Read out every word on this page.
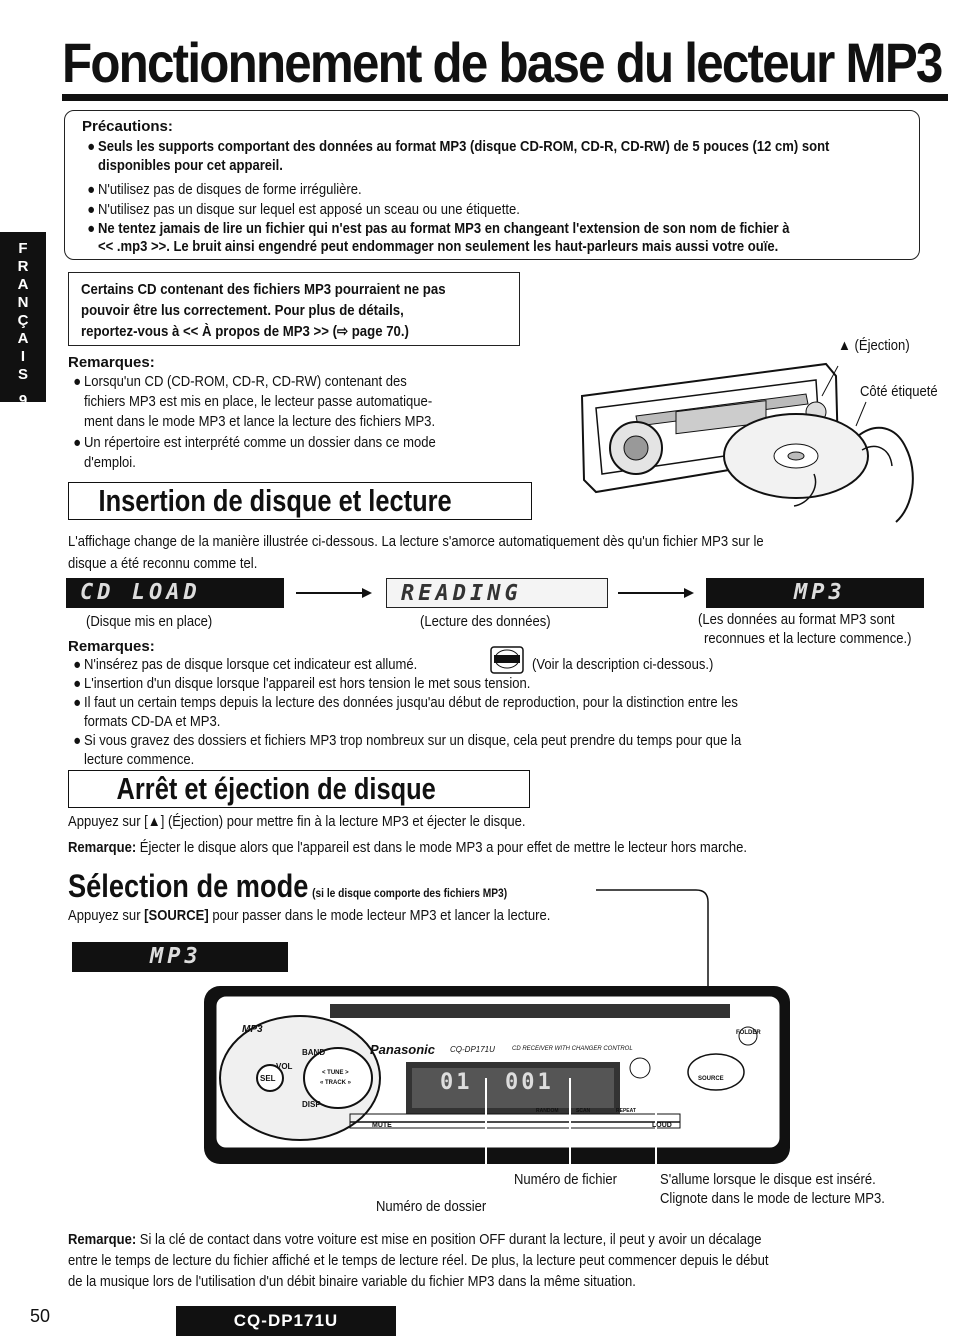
Fonctionnement de base du lecteur MP3
F
R
A
N
Ç
A
I
S
9
Précautions:
● Seuls les supports comportant des données au format MP3 (disque CD-ROM, CD-R, CD-RW) de 5 pouces (12 cm) sont
disponibles pour cet appareil.
● N'utilisez pas de disques de forme irrégulière.
● N'utilisez pas un disque sur lequel est apposé un sceau ou une étiquette.
● Ne tentez jamais de lire un fichier qui n'est pas au format MP3 en changeant l'extension de son nom de fichier à
<< .mp3 >>. Le bruit ainsi engendré peut endommager non seulement les haut-parleurs mais aussi votre ouïe.
Certains CD contenant des fichiers MP3 pourraient ne pas
pouvoir être lus correctement. Pour plus de détails,
reportez-vous à << À propos de MP3 >> (⇨ page 70.)
Remarques:
● Lorsqu'un CD (CD-ROM, CD-R, CD-RW) contenant des
fichiers MP3 est mis en place, le lecteur passe automatique-
ment dans le mode MP3 et lance la lecture des fichiers MP3.
● Un répertoire est interprété comme un dossier dans ce mode
d'emploi.
▲ (Éjection)
Côté étiqueté
Insertion de disque et lecture
L'affichage change de la manière illustrée ci-dessous. La lecture s'amorce automatiquement dès qu'un fichier MP3 sur le
disque a été reconnu comme tel.
CD LOAD	READING	MP3
(Disque mis en place)	(Lecture des données)	(Les données au format MP3 sont
reconnues et la lecture commence.)
Remarques:
● N'insérez pas de disque lorsque cet indicateur est allumé.	(Voir la description ci-dessous.)
● L'insertion d'un disque lorsque l'appareil est hors tension le met sous tension.
● Il faut un certain temps depuis la lecture des données jusqu'au début de reproduction, pour la distinction entre les
formats CD-DA et MP3.
● Si vous gravez des dossiers et fichiers MP3 trop nombreux sur un disque, cela peut prendre du temps pour que la
lecture commence.
Arrêt et éjection de disque
Appuyez sur [▲] (Éjection) pour mettre fin à la lecture MP3 et éjecter le disque.
Remarque: Éjecter le disque alors que l'appareil est dans le mode MP3 a pour effet de mettre le lecteur hors marche.
Sélection de mode (si le disque comporte des fichiers MP3)
Appuyez sur [SOURCE] pour passer dans le mode lecteur MP3 et lancer la lecture.
MP3
Panasonic CQ-DP171U	CD RECEIVER WITH CHANGER CONTROL
MP3
01  001
BAND
VOL
SEL
DISP
< TUNE >
« TRACK »
SOURCE
FOLDER
MUTE
RANDOM	SCAN	REPEAT
LOUD
Numéro de fichier
Numéro de dossier
S'allume lorsque le disque est inséré.
Clignote dans le mode de lecture MP3.
Remarque: Si la clé de contact dans votre voiture est mise en position OFF durant la lecture, il peut y avoir un décalage
entre le temps de lecture du fichier affiché et le temps de lecture réel. De plus, la lecture peut commencer depuis le début
de la musique lors de l'utilisation d'un débit binaire variable du fichier MP3 dans la même situation.
50	CQ-DP171U
